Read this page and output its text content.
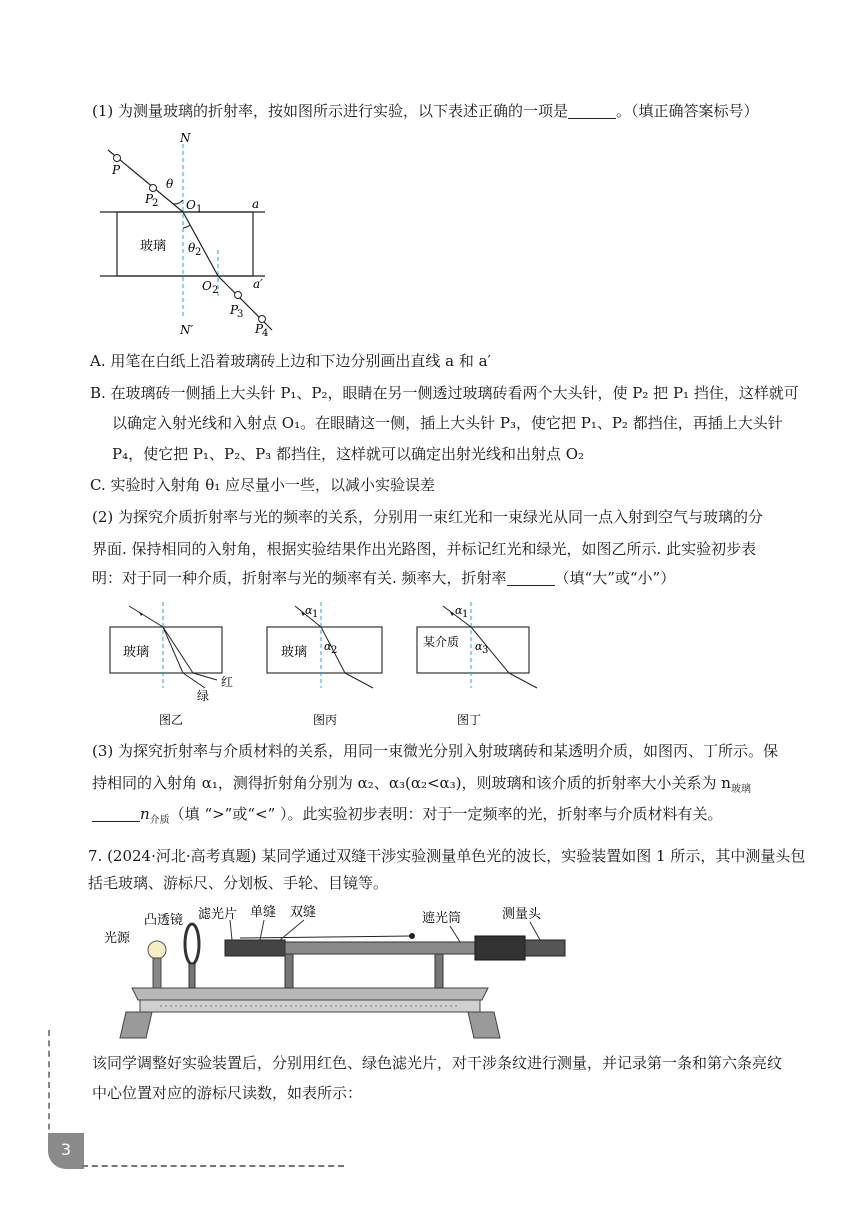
(1) 为测量玻璃的折射率，按如图所示进行实验，以下表述正确的一项是	。（填正确答案标号）
N
N′
P
P
2
P
3
P
4
O 1
O 2
a
a′
θ
θ 2
玻璃
A. 用笔在白纸上沿着玻璃砖上边和下边分别画出直线 a 和 a′
B. 在玻璃砖一侧插上大头针 P₁、P₂，眼睛在另一侧透过玻璃砖看两个大头针，使 P₂ 把 P₁ 挡住，这样就可
以确定入射光线和入射点 O₁。在眼睛这一侧，插上大头针 P₃，使它把 P₁、P₂ 都挡住，再插上大头针
P₄，使它把 P₁、P₂、P₃ 都挡住，这样就可以确定出射光线和出射点 O₂
C. 实验时入射角 θ₁ 应尽量小一些，以减小实验误差
(2) 为探究介质折射率与光的频率的关系，分别用一束红光和一束绿光从同一点入射到空气与玻璃的分
界面. 保持相同的入射角，根据实验结果作出光路图，并标记红光和绿光，如图乙所示. 此实验初步表
明：对于同一种介质，折射率与光的频率有关. 频率大，折射率	（填“大”或“小”）
玻璃
红
绿
图乙
玻璃
α 1
α 2
图丙
某介质
α 1
α 3
图丁
(3) 为探究折射率与介质材料的关系，用同一束微光分别入射玻璃砖和某透明介质，如图丙、丁所示。保
持相同的入射角 α₁，测得折射角分别为 α₂、α₃(α₂<α₃)，则玻璃和该介质的折射率大小关系为 $n_{玻璃}$
$n_{介质}$（填 “>”或“<” ）。此实验初步表明：对于一定频率的光，折射率与介质材料有关。
7. (2024·河北·高考真题) 某同学通过双缝干涉实验测量单色光的波长，实验装置如图 1 所示，其中测量头包
括毛玻璃、游标尺、分划板、手轮、目镜等。
光源
凸透镜 滤光片 单缝 双缝	遮光筒	测量头
该同学调整好实验装置后，分别用红色、绿色滤光片，对干涉条纹进行测量，并记录第一条和第六条亮纹
中心位置对应的游标尺读数，如表所示：
3
